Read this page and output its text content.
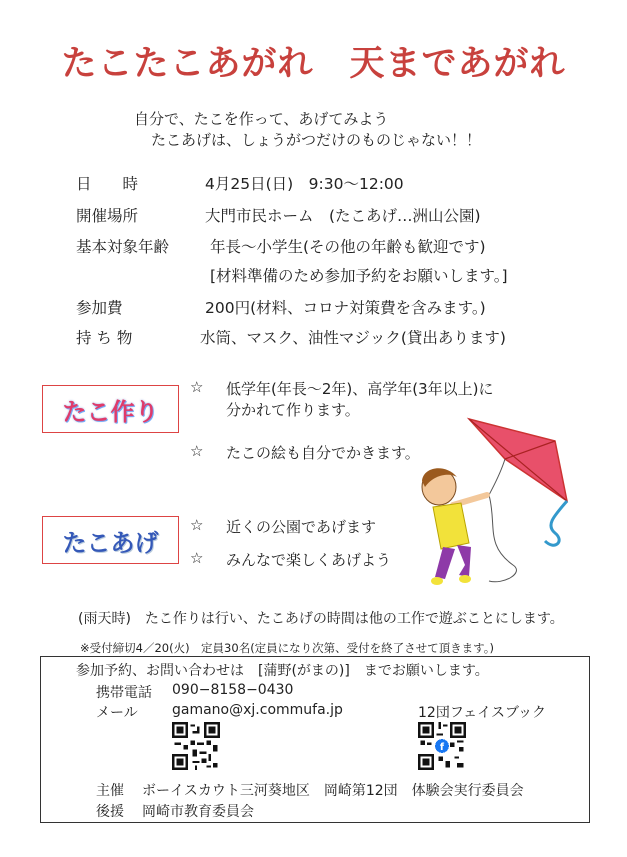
たこたこあがれ　天まであがれ
自分で、たこを作って、あげてみよう
たこあげは、しょうがつだけのものじゃない！！
日　　時	4月25日(日)　9:30〜12:00
開催場所	大門市民ホーム　(たこあげ…洲山公園)
基本対象年齢	年長〜小学生(その他の年齢も歓迎です)
[材料準備のため参加予約をお願いします。]
参加費	200円(材料、コロナ対策費を含みます。)
持 ち 物	水筒、マスク、油性マジック(貸出あります)
たこ作り
☆ 低学年(年長〜2年)、高学年(3年以上)に
分かれて作ります。
☆ たこの絵も自分でかきます。
たこあげ
☆ 近くの公園であげます
☆ みんなで楽しくあげよう
(雨天時)　たこ作りは行い、たこあげの時間は他の工作で遊ぶことにします。
※受付締切4／20(火)　定員30名(定員になり次第、受付を終了させて頂きます。)
参加予約、お問い合わせは　[蒲野(がまの)]　までお願いします。
携帯電話 090−8158−0430
メール gamano@xj.commufa.jp	12団フェイスブック
f
主催 ボーイスカウト三河葵地区　岡崎第12団　体験会実行委員会
後援 岡崎市教育委員会
